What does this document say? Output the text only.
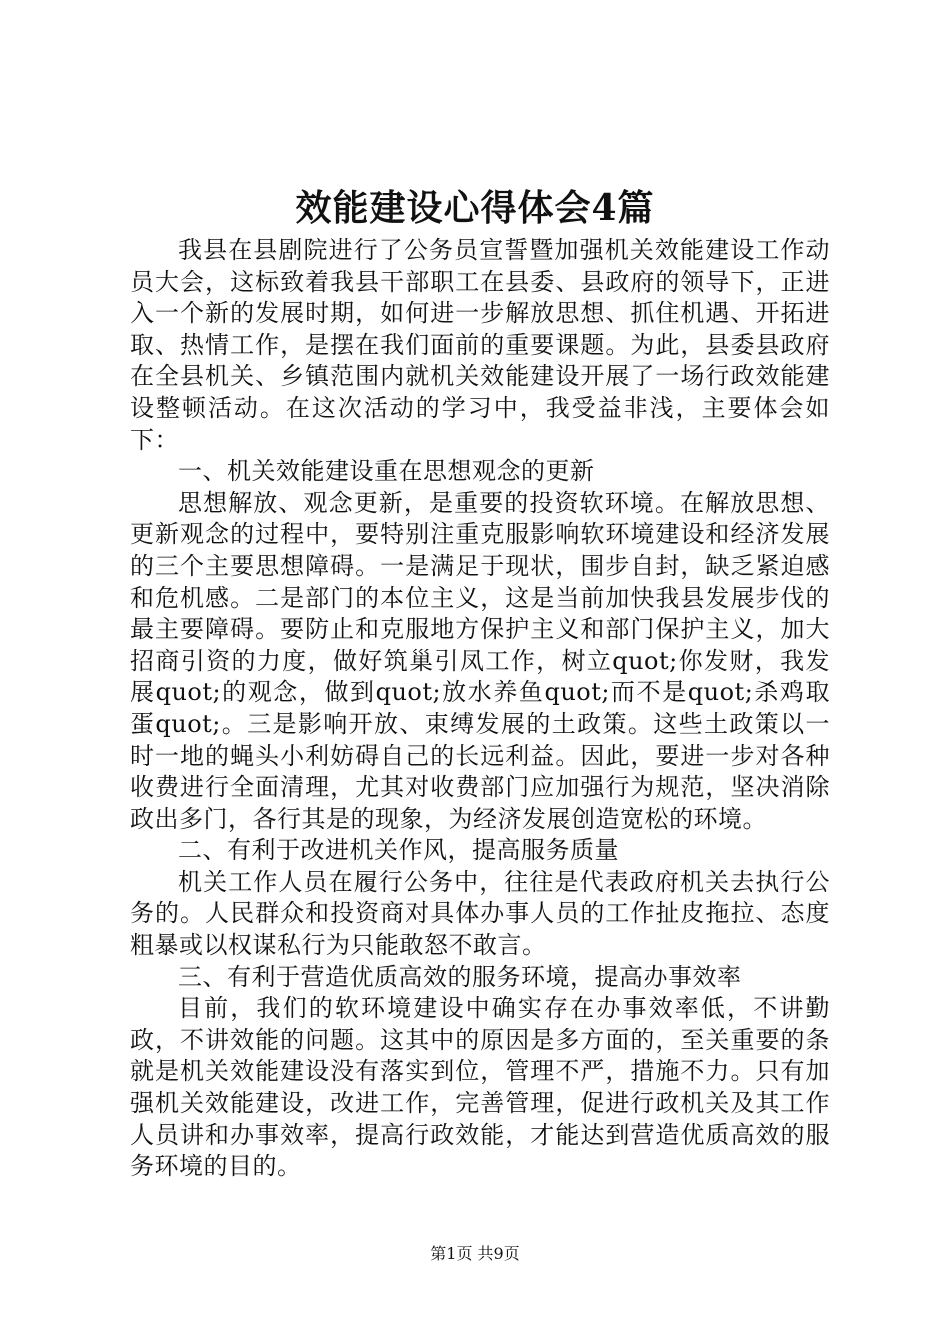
效能建设心得体会4篇

我县在县剧院进行了公务员宣誓暨加强机关效能建设工作动员大会，这标致着我县干部职工在县委、县政府的领导下，正进入一个新的发展时期，如何进一步解放思想、抓住机遇、开拓进取、热情工作，是摆在我们面前的重要课题。为此，县委县政府在全县机关、乡镇范围内就机关效能建设开展了一场行政效能建设整顿活动。在这次活动的学习中，我受益非浅，主要体会如下：

一、机关效能建设重在思想观念的更新

思想解放、观念更新，是重要的投资软环境。在解放思想、更新观念的过程中，要特别注重克服影响软环境建设和经济发展的三个主要思想障碍。一是满足于现状，围步自封，缺乏紧迫感和危机感。二是部门的本位主义，这是当前加快我县发展步伐的最主要障碍。要防止和克服地方保护主义和部门保护主义，加大招商引资的力度，做好筑巢引凤工作，树立quot;你发财，我发展quot;的观念，做到quot;放水养鱼quot;而不是quot;杀鸡取蛋quot;。三是影响开放、束缚发展的土政策。这些土政策以一时一地的蝇头小利妨碍自己的长远利益。因此，要进一步对各种收费进行全面清理，尤其对收费部门应加强行为规范，坚决消除政出多门，各行其是的现象，为经济发展创造宽松的环境。

二、有利于改进机关作风，提高服务质量

机关工作人员在履行公务中，往往是代表政府机关去执行公务的。人民群众和投资商对具体办事人员的工作扯皮拖拉、态度粗暴或以权谋私行为只能敢怒不敢言。

三、有利于营造优质高效的服务环境，提高办事效率

目前，我们的软环境建设中确实存在办事效率低，不讲勤政，不讲效能的问题。这其中的原因是多方面的，至关重要的条就是机关效能建设没有落实到位，管理不严，措施不力。只有加强机关效能建设，改进工作，完善管理，促进行政机关及其工作人员讲和办事效率，提高行政效能，才能达到营造优质高效的服务环境的目的。

第1页 共9页
